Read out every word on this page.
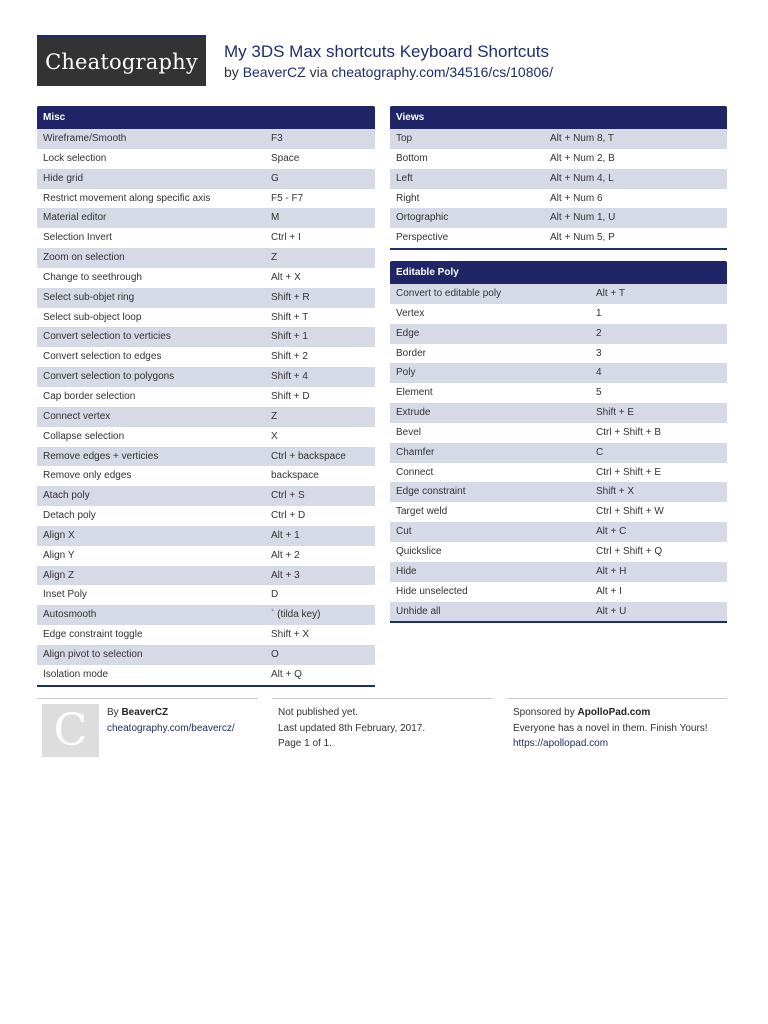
Cheatography	My 3DS Max shortcuts Keyboard Shortcuts
by BeaverCZ via cheatography.com/34516/cs/10806/
Misc
Wireframe/Smooth	F3
Lock selection	Space
Hide grid	G
Restrict movement along specific axis	F5 - F7
Material editor	M
Selection Invert	Ctrl + I
Zoom on selection	Z
Change to seethrough	Alt + X
Select sub-objet ring	Shift + R
Select sub-object loop	Shift + T
Convert selection to verticies	Shift + 1
Convert selection to edges	Shift + 2
Convert selection to polygons	Shift + 4
Cap border selection	Shift + D
Connect vertex	Z
Collapse selection	X
Remove edges + verticies	Ctrl + backspace
Remove only edges	backspace
Atach poly	Ctrl + S
Detach poly	Ctrl + D
Align X	Alt + 1
Align Y	Alt + 2
Align Z	Alt + 3
Inset Poly	D
Autosmooth	` (tilda key)
Edge constraint toggle	Shift + X
Align pivot to selection	O
Isolation mode	Alt + Q
Views
Top	Alt + Num 8, T
Bottom	Alt + Num 2, B
Left	Alt + Num 4, L
Right	Alt + Num 6
Ortographic	Alt + Num 1, U
Perspective	Alt + Num 5, P
Editable Poly
Convert to editable poly	Alt + T
Vertex	1
Edge	2
Border	3
Poly	4
Element	5
Extrude	Shift + E
Bevel	Ctrl + Shift + B
Chamfer	C
Connect	Ctrl + Shift + E
Edge constraint	Shift + X
Target weld	Ctrl + Shift + W
Cut	Alt + C
Quickslice	Ctrl + Shift + Q
Hide	Alt + H
Hide unselected	Alt + I
Unhide all	Alt + U
C	By BeaverCZ
cheatography.com/beavercz/
Not published yet.
Last updated 8th February, 2017.
Page 1 of 1.
Sponsored by ApolloPad.com
Everyone has a novel in them. Finish Yours!
https://apollopad.com
